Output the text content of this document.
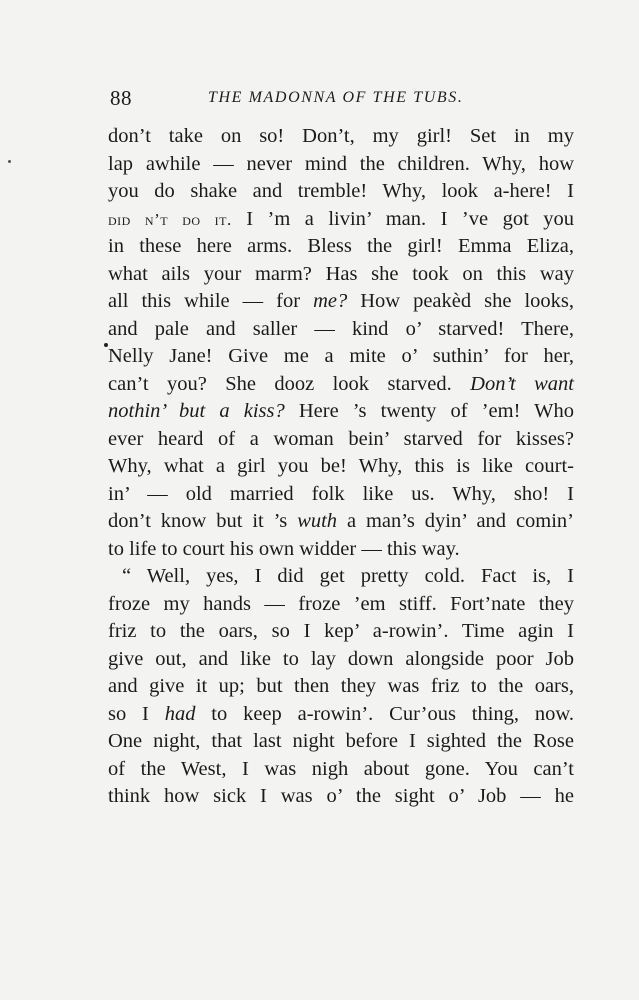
88	THE MADONNA OF THE TUBS.
don’t take on so! Don’t, my girl! Set in my
lap awhile — never mind the children. Why, how
you do shake and tremble! Why, look a-here! I
did n’t do it. I ’m a livin’ man. I ’ve got you
in these here arms. Bless the girl! Emma Eliza,
what ails your marm? Has she took on this way
all this while — for me? How peakèd she looks,
and pale and saller — kind o’ starved! There,
Nelly Jane! Give me a mite o’ suthin’ for her,
can’t you? She dooz look starved. Don’t want
nothin’ but a kiss? Here ’s twenty of ’em! Who
ever heard of a woman bein’ starved for kisses?
Why, what a girl you be! Why, this is like court-
in’ — old married folk like us. Why, sho! I
don’t know but it ’s wuth a man’s dyin’ and comin’
to life to court his own widder — this way.
“ Well, yes, I did get pretty cold. Fact is, I
froze my hands — froze ’em stiff. Fort’nate they
friz to the oars, so I kep’ a-rowin’. Time agin I
give out, and like to lay down alongside poor Job
and give it up; but then they was friz to the oars,
so I had to keep a-rowin’. Cur’ous thing, now.
One night, that last night before I sighted the Rose
of the West, I was nigh about gone. You can’t
think how sick I was o’ the sight o’ Job — he
